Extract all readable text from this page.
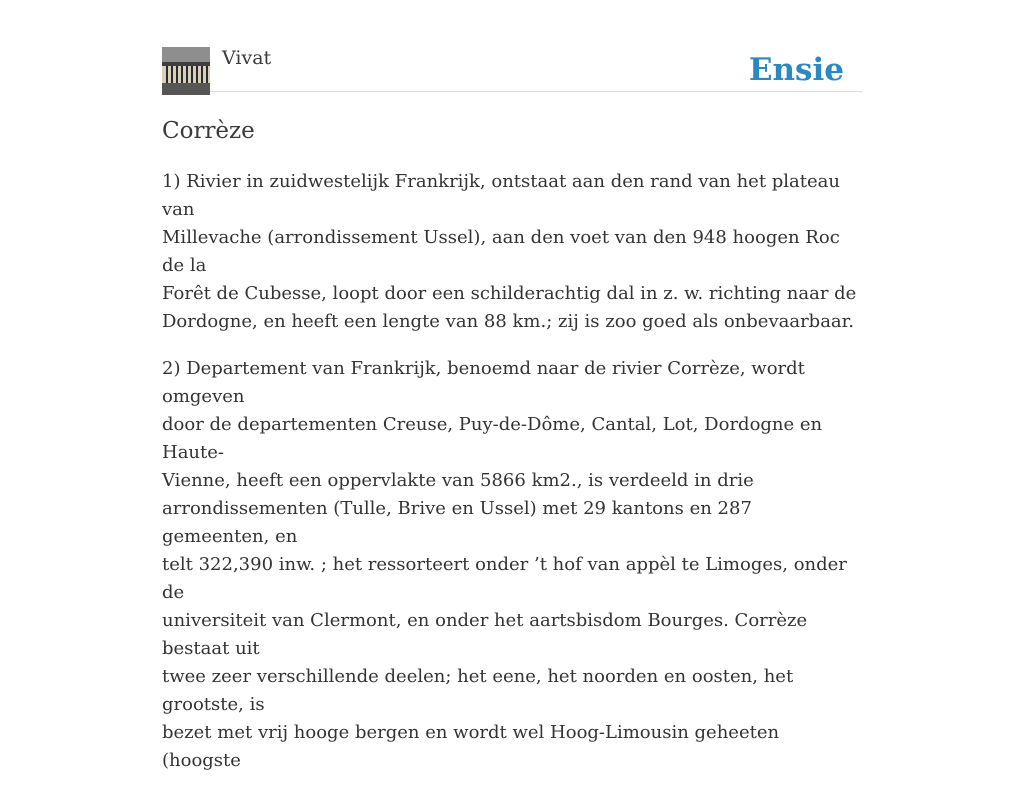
Vivat	Ensie
Corrèze

1) Rivier in zuidwestelijk Frankrijk, ontstaat aan den rand van het plateau van
Millevache (arrondissement Ussel), aan den voet van den 948 hoogen Roc de la
Forêt de Cubesse, loopt door een schilderachtig dal in z. w. richting naar de
Dordogne, en heeft een lengte van 88 km.; zij is zoo goed als onbevaarbaar.

2) Departement van Frankrijk, benoemd naar de rivier Corrèze, wordt omgeven
door de departementen Creuse, Puy-de-Dôme, Cantal, Lot, Dordogne en Haute-
Vienne, heeft een oppervlakte van 5866 km2., is verdeeld in drie
arrondissementen (Tulle, Brive en Ussel) met 29 kantons en 287 gemeenten, en
telt 322,390 inw. ; het ressorteert onder ’t hof van appèl te Limoges, onder de
universiteit van Clermont, en onder het aartsbisdom Bourges. Corrèze bestaat uit
twee zeer verschillende deelen; het eene, het noorden en oosten, het grootste, is
bezet met vrij hooge bergen en wordt wel Hoog-Limousin geheeten (hoogste
